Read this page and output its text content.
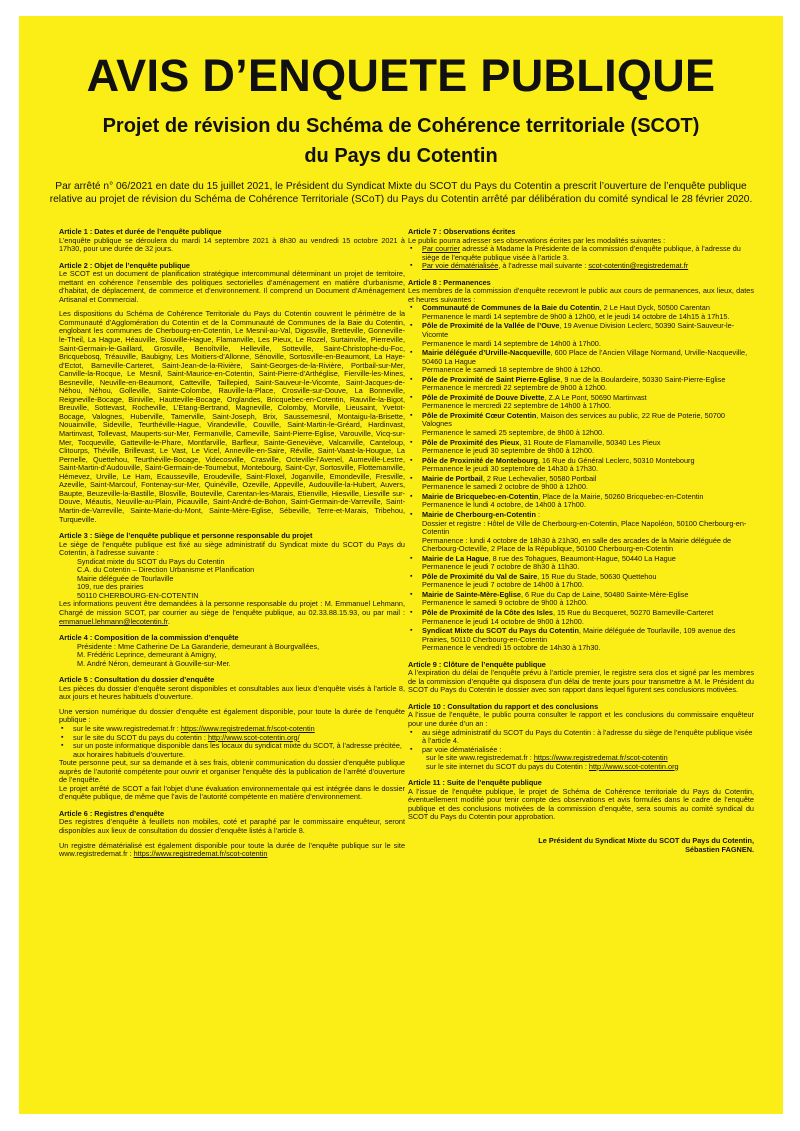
AVIS D’ENQUETE PUBLIQUE
Projet de révision du Schéma de Cohérence territoriale (SCOT)
du Pays du Cotentin
Par arrêté n° 06/2021 en date du 15 juillet 2021, le Président du Syndicat Mixte du SCOT du Pays du Cotentin a prescrit l’ouverture de l’enquête publique relative au projet de révision du Schéma de Cohérence Territoriale (SCoT) du Pays du Cotentin arrêté par délibération du comité syndical le 28 février 2020.
Article 1 : Dates et durée de l’enquête publique

L’enquête publique se déroulera du mardi 14 septembre 2021 à 8h30 au vendredi 15 octobre 2021 à 17h30, pour une durée de 32 jours.

Article 2 : Objet de l’enquête publique

Le SCOT est un document de planification stratégique intercommunal déterminant un projet de territoire, mettant en cohérence l’ensemble des politiques sectorielles d’aménagement en matière d’urbanisme, d’habitat, de déplacement, de commerce et d’environnement. Il comprend un Document d’Aménagement Artisanal et Commercial.

Les dispositions du Schéma de Cohérence Territoriale du Pays du Cotentin couvrent le périmètre de la Communauté d’Agglomération du Cotentin et de la Communauté de Communes de la Baie du Cotentin, englobant les communes de Cherbourg-en-Cotentin, Le Mesnil-au-Val, Digosville, Bretteville, Gonneville-le-Theil, La Hague, Héauville, Siouville-Hague, Flamanville, Les Pieux, Le Rozel, Surtainville, Pierreville, Saint-Germain-le-Gaillard, Grosville, Benoîtville, Helleville, Sotteville, Saint-Christophe-du-Foc, Bricquebosq, Tréauville, Baubigny, Les Moitiers-d’Allonne, Sénoville, Sortosville-en-Beaumont, La Haye-d’Ectot, Barneville-Carteret, Saint-Jean-de-la-Rivière, Saint-Georges-de-la-Rivière, Portbail-sur-Mer, Canville-la-Rocque, Le Mesnil, Saint-Maurice-en-Cotentin, Saint-Pierre-d’Arthéglise, Fierville-les-Mines, Besneville, Neuville-en-Beaumont, Catteville, Taillepied, Saint-Sauveur-le-Vicomte, Saint-Jacques-de-Néhou, Néhou, Golleville, Sainte-Colombe, Rauville-la-Place, Crosville-sur-Douve, La Bonneville, Reigneville-Bocage, Biniville, Hautteville-Bocage, Orglandes, Bricquebec-en-Cotentin, Rauville-la-Bigot, Breuville, Sottevast, Rocheville, L’Etang-Bertrand, Magneville, Colomby, Morville, Lieusaint, Yvetot-Bocage, Valognes, Huberville, Tamerville, Saint-Joseph, Brix, Saussemesnil, Montaigu-la-Brisette, Nouainville, Sideville, Teurthéville-Hague, Virandeville, Couville, Saint-Martin-le-Gréard, Hardinvast, Martinvast, Tollevast, Mauperts-sur-Mer, Fermanville, Carneville, Saint-Pierre-Eglise, Varouville, Vicq-sur-Mer, Tocqueville, Gatteville-le-Phare, Montfarville, Barfleur, Sainte-Geneviève, Valcanville, Canteloup, Clitourps, Théville, Brillevast, Le Vast, Le Vicel, Anneville-en-Saire, Réville, Saint-Vaast-la-Hougue, La Pernelle, Quettehou, Teurthéville-Bocage, Videcosville, Crasville, Octeville-l’Avenel, Aumeville-Lestre, Saint-Martin-d’Audouville, Saint-Germain-de-Tournebut, Montebourg, Saint-Cyr, Sortosville, Flottemanville, Hémevez, Urville, Le Ham, Ecausseville, Eroudeville, Saint-Floxel, Joganville, Emondeville, Fresville, Azeville, Saint-Marcouf, Fontenay-sur-Mer, Quinéville, Ozeville, Appeville, Audouville-la-Hubert, Auvers, Baupte, Beuzeville-la-Bastille, Blosville, Bouteville, Carentan-les-Marais, Etienville, Hiesville, Liesville sur-Douve, Méautis, Neuville-au-Plain, Picauville, Saint-André-de-Bohon, Saint-Germain-de-Varreville, Saint-Martin-de-Varreville, Sainte-Marie-du-Mont, Sainte-Mère-Eglise, Sébeville, Terre-et-Marais, Tribehou, Turqueville.

Article 3 : Siège de l’enquête publique et personne responsable du projet

Le siège de l’enquête publique est fixé au siège administratif du Syndicat mixte du SCOT du Pays du Cotentin, à l’adresse suivante :

Syndicat mixte du SCOT du Pays du Cotentin
C.A. du Cotentin – Direction Urbanisme et Planification
Mairie déléguée de Tourlaville
109, rue des prairies
50110 CHERBOURG-EN-COTENTIN

Les informations peuvent être demandées à la personne responsable du projet : M. Emmanuel Lehmann, Chargé de mission SCOT, par courrier au siège de l’enquête publique, au 02.33.88.15.93, ou par mail : emmanuel.lehmann@lecotentin.fr.

Article 4 : Composition de la commission d’enquête
Présidente : Mme Catherine De La Garanderie, demeurant à Bourgvallées,
M. Frédéric Leprince, demeurant à Amigny,
M. André Néron, demeurant à Gouville-sur-Mer.
Article 5 : Consultation du dossier d’enquête

Les pièces du dossier d’enquête seront disponibles et consultables aux lieux d’enquête visés à l’article 8, aux jours et heures habituels d’ouverture.

Une version numérique du dossier d’enquête est également disponible, pour toute la durée de l’enquête publique :

▪ sur le site www.registredemat.fr : https://www.registredemat.fr/scot-cotentin
▪ sur le site du SCOT du pays du cotentin : http://www.scot-cotentin.org/
▪ sur un poste informatique disponible dans les locaux du syndicat mixte du SCOT, à l’adresse précitée, aux horaires habituels d’ouverture.

Toute personne peut, sur sa demande et à ses frais, obtenir communication du dossier d’enquête publique auprès de l’autorité compétente pour ouvrir et organiser l’enquête dès la publication de l’arrêté d’ouverture de l’enquête.

Le projet arrêté de SCOT a fait l’objet d’une évaluation environnementale qui est intégrée dans le dossier d’enquête publique, de même que l’avis de l’autorité compétente en matière d’environnement.

Article 6 : Registres d’enquête

Des registres d’enquête à feuillets non mobiles, coté et paraphé par le commissaire enquêteur, seront disponibles aux lieux de consultation du dossier d’enquête listés à l’article 8.

Un registre dématérialisé est également disponible pour toute la durée de l’enquête publique sur le site www.registredemat.fr : https://www.registredemat.fr/scot-cotentin

Article 7 : Observations écrites

Le public pourra adresser ses observations écrites par les modalités suivantes :

▪ Par courrier adressé à Madame la Présidente de la commission d’enquête publique, à l’adresse du siège de l’enquête publique visée à l’article 3.
▪ Par voie dématérialisée, à l’adresse mail suivante : scot-cotentin@registredemat.fr
Article 8 : Permanences

Les membres de la commission d’enquête recevront le public aux cours de permanences, aux lieux, dates et heures suivantes :

▪ Communauté de Communes de la Baie du Cotentin, 2 Le Haut Dyck, 50500 Carentan
Permanence le mardi 14 septembre de 9h00 à 12h00, et le jeudi 14 octobre de 14h15 à 17h15.
▪ Pôle de Proximité de la Vallée de l’Ouve, 19 Avenue Division Leclerc, 50390 Saint-Sauveur-le-Vicomte
Permanence le mardi 14 septembre de 14h00 à 17h00.
▪ Mairie déléguée d’Urville-Nacqueville, 600 Place de l’Ancien Village Normand, Urville-Nacqueville, 50460 La Hague
Permanence le samedi 18 septembre de 9h00 à 12h00.
▪ Pôle de Proximité de Saint Pierre-Eglise, 9 rue de la Boulardeire, 50330 Saint-Pierre-Eglise
Permanence le mercredi 22 septembre de 9h00 à 12h00.
▪ Pôle de Proximité de Douve Divette, Z.A Le Pont, 50690 Martinvast
Permanence le mercredi 22 septembre de 14h00 à 17h00.
▪ Pôle de Proximité Cœur Cotentin, Maison des services au public, 22 Rue de Poterie, 50700 Valognes
Permanence le samedi 25 septembre, de 9h00 à 12h00.
▪ Pôle de Proximité des Pieux, 31 Route de Flamanville, 50340 Les Pieux
Permanence le jeudi 30 septembre de 9h00 à 12h00.
▪ Pôle de Proximité de Montebourg, 16 Rue du Général Leclerc, 50310 Montebourg
Permanence le jeudi 30 septembre de 14h30 à 17h30.
▪ Mairie de Portbail, 2 Rue Lechevalier, 50580 Portbail
Permanence le samedi 2 octobre de 9h00 à 12h00.
▪ Mairie de Bricquebec-en-Cotentin, Place de la Mairie, 50260 Bricquebec-en-Cotentin
Permanence le lundi 4 octobre, de 14h00 à 17h00.
▪ Mairie de Cherbourg-en-Cotentin :
Dossier et registre : Hôtel de Ville de Cherbourg-en-Cotentin, Place Napoléon, 50100 Cherbourg-en-Cotentin
Permanence : lundi 4 octobre de 18h30 à 21h30, en salle des arcades de la Mairie déléguée de Cherbourg-Octeville, 2 Place de la République, 50100 Cherbourg-en-Cotentin
▪ Mairie de La Hague, 8 rue des Tohagues, Beaumont-Hague, 50440 La Hague
Permanence le jeudi 7 octobre de 8h30 à 11h30.
▪ Pôle de Proximité du Val de Saire, 15 Rue du Stade, 50630 Quettehou
Permanence le jeudi 7 octobre de 14h00 à 17h00.
▪ Mairie de Sainte-Mère-Eglise, 6 Rue du Cap de Laine, 50480 Sainte-Mère-Eglise
Permanence le samedi 9 octobre de 9h00 à 12h00.
▪ Pôle de Proximité de la Côte des Isles, 15 Rue du Becqueret, 50270 Barneville-Carteret
Permanence le jeudi 14 octobre de 9h00 à 12h00.
▪ Syndicat Mixte du SCOT du Pays du Cotentin, Mairie déléguée de Tourlaville, 109 avenue des Prairies, 50110 Cherbourg-en-Cotentin
Permanence le vendredi 15 octobre de 14h30 à 17h30.
Article 9 : Clôture de l’enquête publique

A l’expiration du délai de l’enquête prévu à l’article premier, le registre sera clos et signé par les membres de la commission d’enquête qui disposera d’un délai de trente jours pour transmettre à M. le Président du SCOT du Pays du Cotentin le dossier avec son rapport dans lequel figurent ses conclusions motivées.

Article 10 : Consultation du rapport et des conclusions

A l’issue de l’enquête, le public pourra consulter le rapport et les conclusions du commissaire enquêteur pour une durée d’un an :

▪ au siège administratif du SCOT du Pays du Cotentin : à l’adresse du siège de l’enquête publique visée à l’article 4.
▪ par voie dématérialisée :
sur le site www.registredemat.fr : https://www.registredemat.fr/scot-cotentin
sur le site internet du SCOT du pays du Cotentin : http://www.scot-cotentin.org
Article 11 : Suite de l’enquête publique

A l’issue de l’enquête publique, le projet de Schéma de Cohérence territoriale du Pays du Cotentin, éventuellement modifié pour tenir compte des observations et avis formulés dans le cadre de l’enquête publique et des conclusions motivées de la commission d’enquête, sera soumis au comité syndical du SCOT du Pays du Cotentin pour approbation.

Le Président du Syndicat Mixte du SCOT du Pays du Cotentin,
Sébastien FAGNEN.
